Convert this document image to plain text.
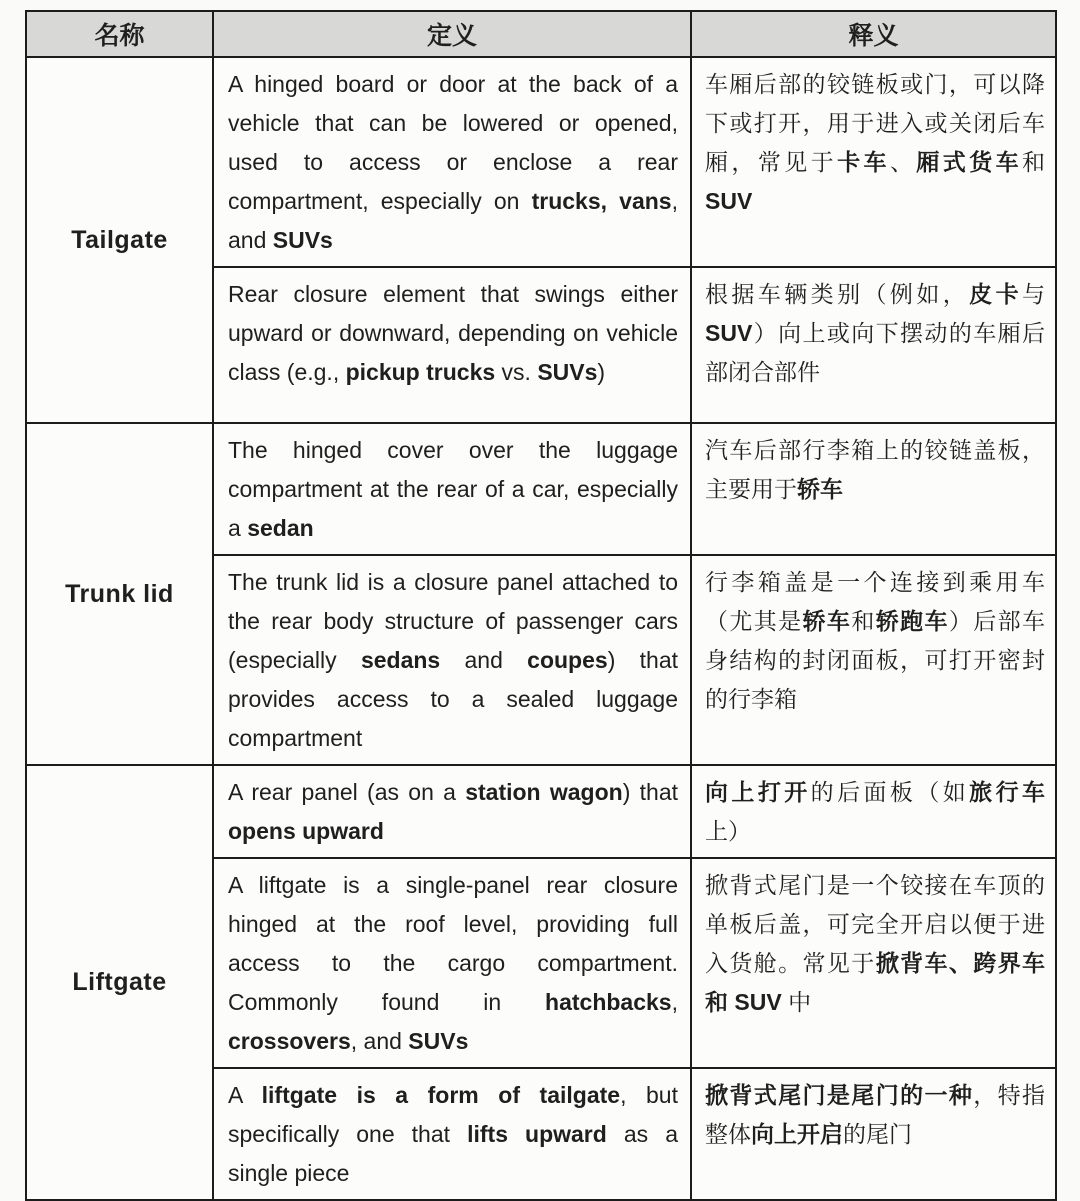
名称	定义	释义
Tailgate	A hinged board or door at the back of a vehicle that can be lowered or opened, used to access or enclose a rear compartment, especially on trucks, vans, and SUVs	车厢后部的铰链板或门，可以降下或打开，用于进入或关闭后车厢，常见于卡车、厢式货车和 SUV
	Rear closure element that swings either upward or downward, depending on vehicle class (e.g., pickup trucks vs. SUVs)	根据车辆类别（例如，皮卡与 SUV）向上或向下摆动的车厢后部闭合部件
Trunk lid	The hinged cover over the luggage compartment at the rear of a car, especially a sedan	汽车后部行李箱上的铰链盖板，主要用于轿车
	The trunk lid is a closure panel attached to the rear body structure of passenger cars (especially sedans and coupes) that provides access to a sealed luggage compartment	行李箱盖是一个连接到乘用车（尤其是轿车和轿跑车）后部车身结构的封闭面板，可打开密封的行李箱
Liftgate	A rear panel (as on a station wagon) that opens upward	向上打开的后面板（如旅行车上）
	A liftgate is a single-panel rear closure hinged at the roof level, providing full access to the cargo compartment. Commonly found in hatchbacks, crossovers, and SUVs	掀背式尾门是一个铰接在车顶的单板后盖，可完全开启以便于进入货舱。常见于掀背车、跨界车和 SUV 中
	A liftgate is a form of tailgate, but specifically one that lifts upward as a single piece	掀背式尾门是尾门的一种，特指整体向上开启的尾门
